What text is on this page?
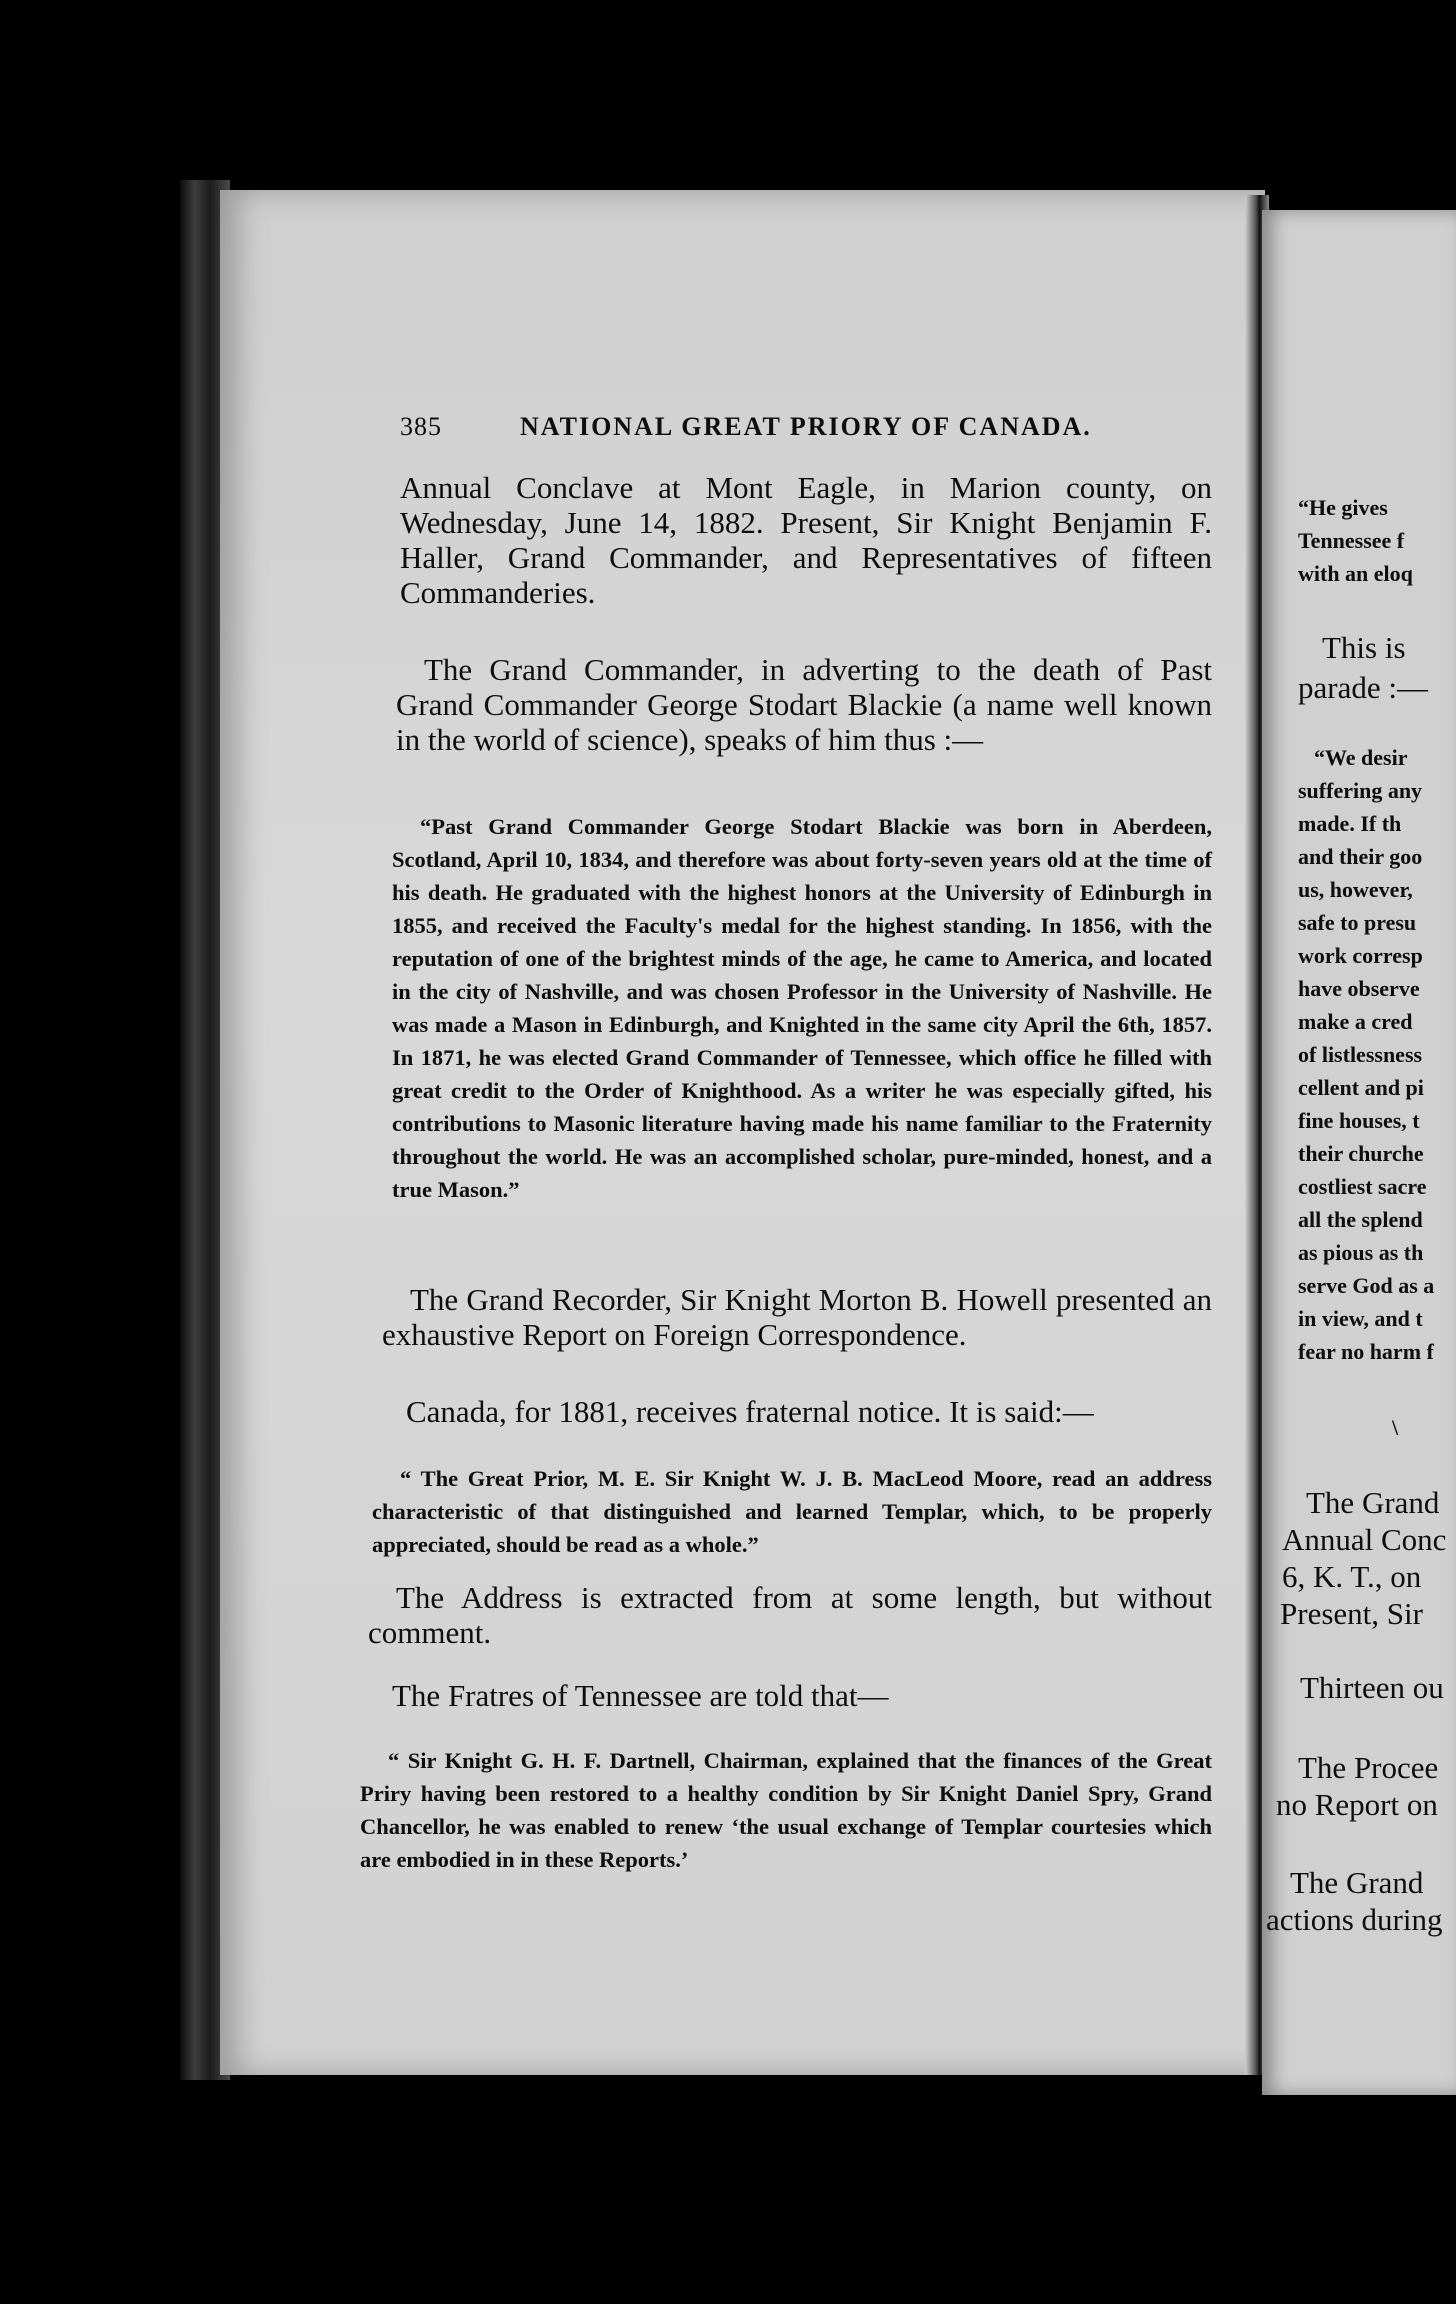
385	NATIONAL GREAT PRIORY OF CANADA.

Annual Conclave at Mont Eagle, in Marion county, on Wednesday, June 14, 1882. Present, Sir Knight Benjamin F. Haller, Grand Commander, and Representatives of fifteen Commanderies.

The Grand Commander, in adverting to the death of Past Grand Commander George Stodart Blackie (a name well known in the world of science), speaks of him thus :—

“Past Grand Commander George Stodart Blackie was born in Aberdeen, Scotland, April 10, 1834, and therefore was about forty-seven years old at the time of his death. He graduated with the highest honors at the University of Edinburgh in 1855, and received the Faculty's medal for the highest standing. In 1856, with the reputation of one of the brightest minds of the age, he came to America, and located in the city of Nashville, and was chosen Professor in the University of Nashville. He was made a Mason in Edinburgh, and Knighted in the same city April the 6th, 1857. In 1871, he was elected Grand Commander of Tennessee, which office he filled with great credit to the Order of Knighthood. As a writer he was especially gifted, his contributions to Masonic literature having made his name familiar to the Fraternity throughout the world. He was an accomplished scholar, pure-minded, honest, and a true Mason.”

The Grand Recorder, Sir Knight Morton B. Howell presented an exhaustive Report on Foreign Correspondence.

Canada, for 1881, receives fraternal notice. It is said:—

“ The Great Prior, M. E. Sir Knight W. J. B. MacLeod Moore, read an address characteristic of that distinguished and learned Templar, which, to be properly appreciated, should be read as a whole.”

The Address is extracted from at some length, but without comment.

The Fratres of Tennessee are told that—

“ Sir Knight G. H. F. Dartnell, Chairman, explained that the finances of the Great Priry having been restored to a healthy condition by Sir Knight Daniel Spry, Grand Chancellor, he was enabled to renew ‘the usual exchange of Templar courtesies which are embodied in in these Reports.’

“He gives
Tennessee f
with an eloq
This is
parade :—
“We desir
suffering any
made. If th
and their goo
us, however,
safe to presu
work corresp
have observe
make a cred
of listlessness
cellent and pi
fine houses, t
their churche
costliest sacre
all the splend
as pious as th
serve God as a
in view, and t
fear no harm f
\
The Grand
Annual Conc
6, K. T., on
Present, Sir
Thirteen ou
The Procee
no Report on
The Grand
actions during
